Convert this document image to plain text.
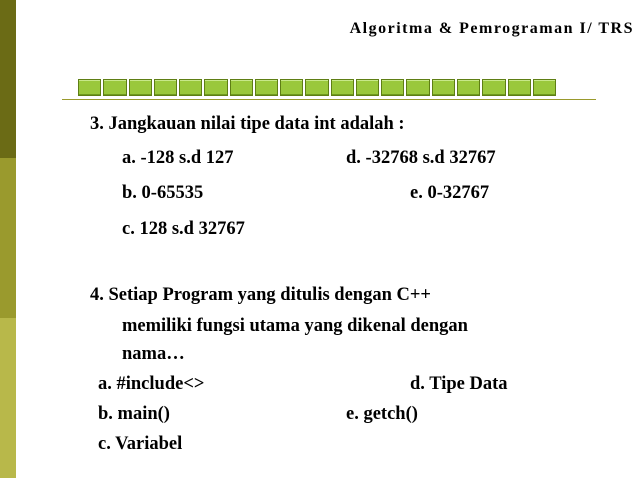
Algoritma & Pemrograman I/ TRS
3. Jangkauan nilai tipe data int adalah :
a. -128 s.d 127	d. -32768 s.d 32767
b. 0-65535	e. 0-32767
c. 128 s.d 32767
4. Setiap Program yang ditulis dengan C++
memiliki fungsi utama yang dikenal dengan
nama…
a. #include<>	d. Tipe Data
b. main()	e. getch()
c. Variabel
